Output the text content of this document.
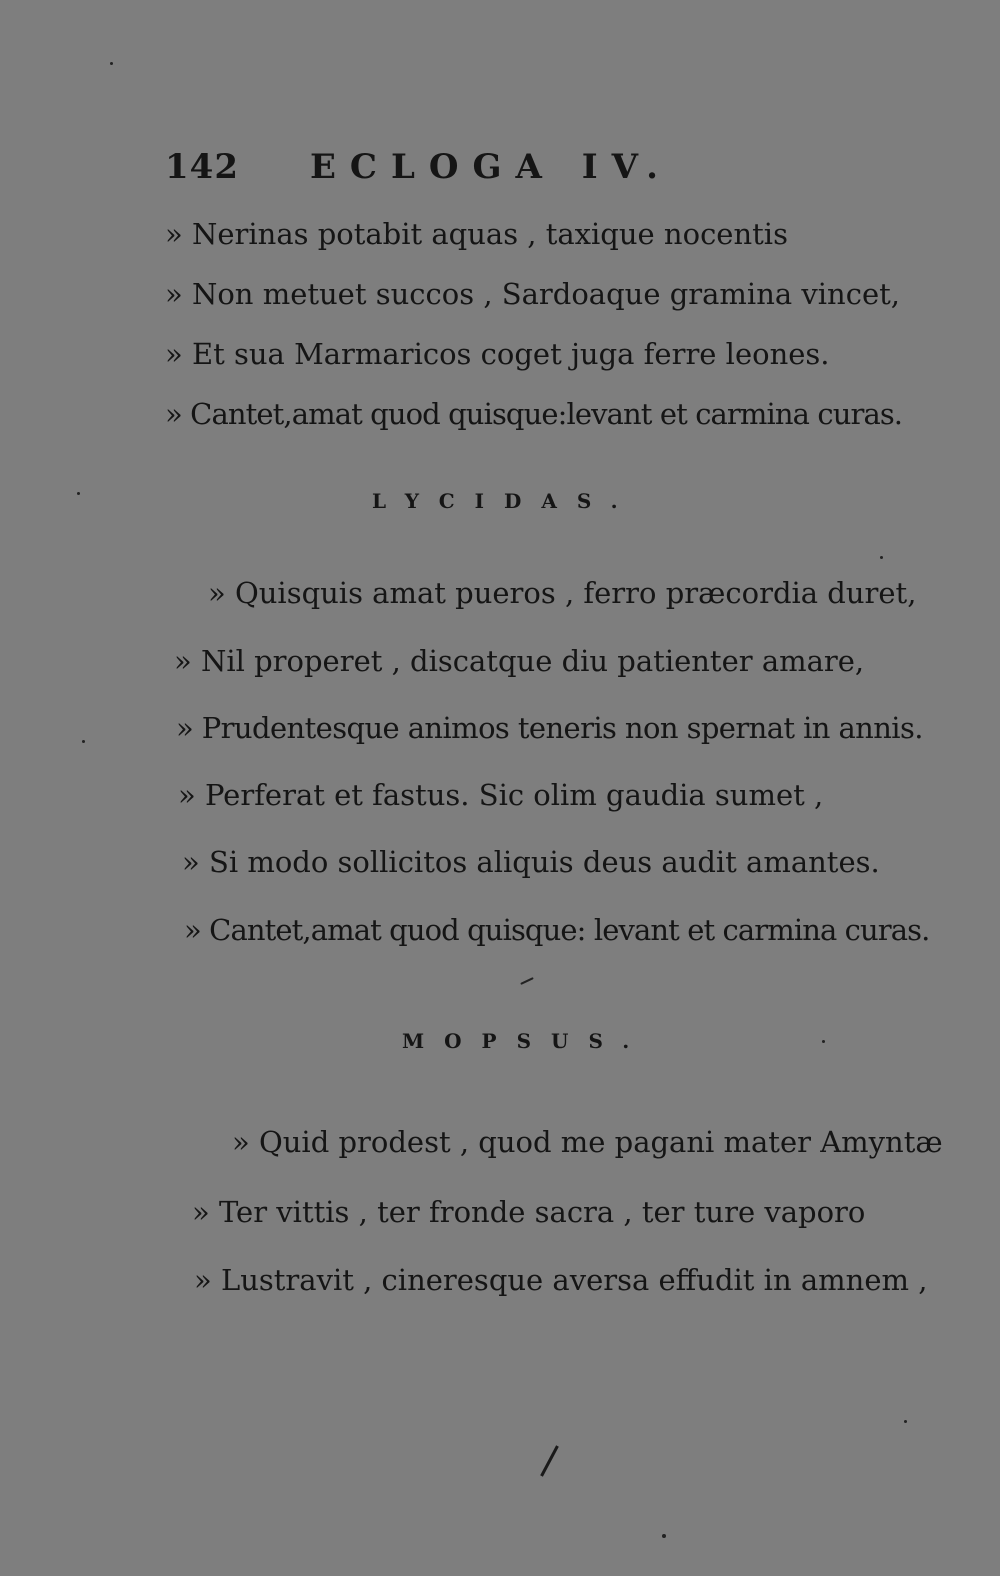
142 ECLOGA IV.
» Nerinas potabit aquas , taxique nocentis
» Non metuet succos , Sardoaque gramina vincet,
» Et sua Marmaricos coget juga ferre leones.
» Cantet,amat quod quisque:levant et carmina curas.
LYCIDAS.
» Quisquis amat pueros , ferro præcordia duret,
» Nil properet , discatque diu patienter amare,
» Prudentesque animos teneris non spernat in annis.
» Perferat et fastus. Sic olim gaudia sumet ,
» Si modo sollicitos aliquis deus audit amantes.
» Cantet,amat quod quisque: levant et carmina curas.
MOPSUS.
» Quid prodest , quod me pagani mater Amyntæ
» Ter vittis , ter fronde sacra , ter ture vaporo
» Lustravit , cineresque aversa effudit in amnem ,
